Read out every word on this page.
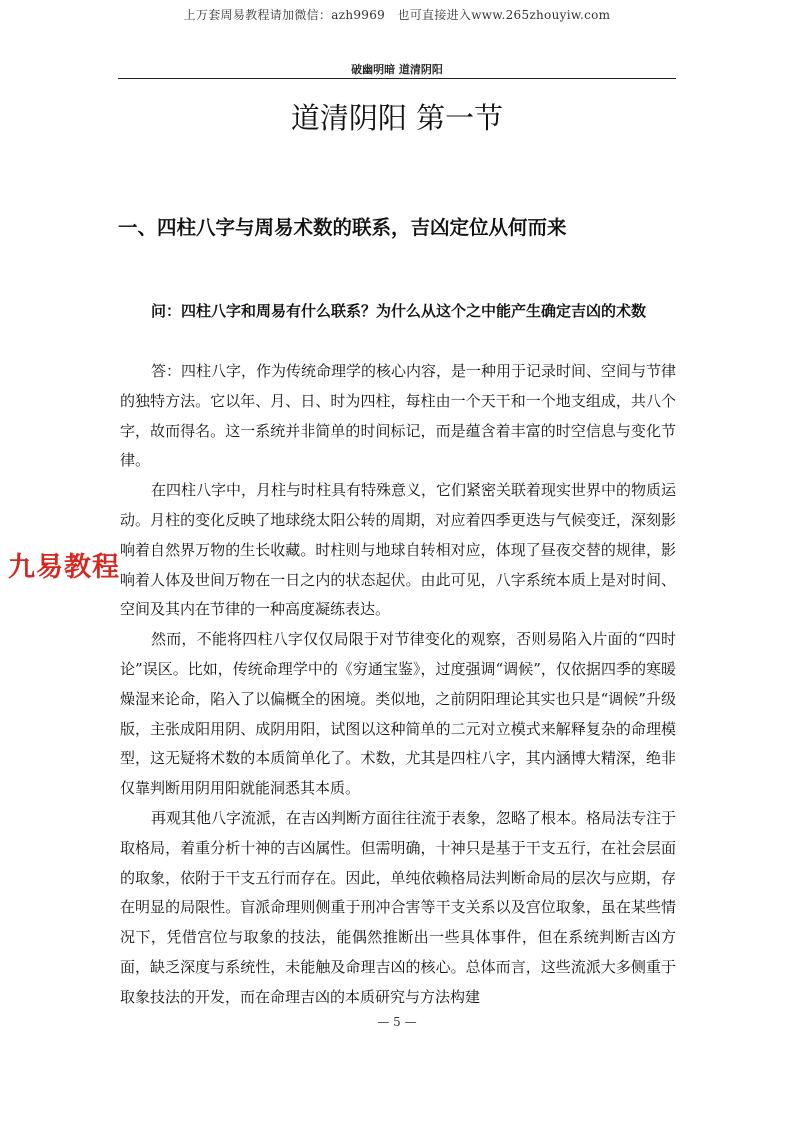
上万套周易教程请加微信：azh9969　也可直接进入www.265zhouyiw.com
破幽明暗 道清阴阳
道清阴阳 第一节
一、四柱八字与周易术数的联系，吉凶定位从何而来

问：四柱八字和周易有什么联系？为什么从这个之中能产生确定吉凶的术数

答：四柱八字，作为传统命理学的核心内容，是一种用于记录时间、空间与节律的独特方法。它以年、月、日、时为四柱，每柱由一个天干和一个地支组成，共八个字，故而得名。这一系统并非简单的时间标记，而是蕴含着丰富的时空信息与变化节律。

在四柱八字中，月柱与时柱具有特殊意义，它们紧密关联着现实世界中的物质运动。月柱的变化反映了地球绕太阳公转的周期，对应着四季更迭与气候变迁，深刻影响着自然界万物的生长收藏。时柱则与地球自转相对应，体现了昼夜交替的规律，影响着人体及世间万物在一日之内的状态起伏。由此可见，八字系统本质上是对时间、空间及其内在节律的一种高度凝练表达。

然而，不能将四柱八字仅仅局限于对节律变化的观察，否则易陷入片面的“四时论”误区。比如，传统命理学中的《穷通宝鉴》，过度强调“调候”，仅依据四季的寒暖燥湿来论命，陷入了以偏概全的困境。类似地，之前阴阳理论其实也只是“调候”升级版，主张成阳用阴、成阴用阳，试图以这种简单的二元对立模式来解释复杂的命理模型，这无疑将术数的本质简单化了。术数，尤其是四柱八字，其内涵博大精深，绝非仅靠判断用阴用阳就能洞悉其本质。

再观其他八字流派，在吉凶判断方面往往流于表象，忽略了根本。格局法专注于取格局，着重分析十神的吉凶属性。但需明确，十神只是基于干支五行，在社会层面的取象，依附于干支五行而存在。因此，单纯依赖格局法判断命局的层次与应期，存在明显的局限性。盲派命理则侧重于刑冲合害等干支关系以及宫位取象，虽在某些情况下，凭借宫位与取象的技法，能偶然推断出一些具体事件，但在系统判断吉凶方面，缺乏深度与系统性，未能触及命理吉凶的核心。总体而言，这些流派大多侧重于取象技法的开发，而在命理吉凶的本质研究与方法构建

九易教程
— 5 —
